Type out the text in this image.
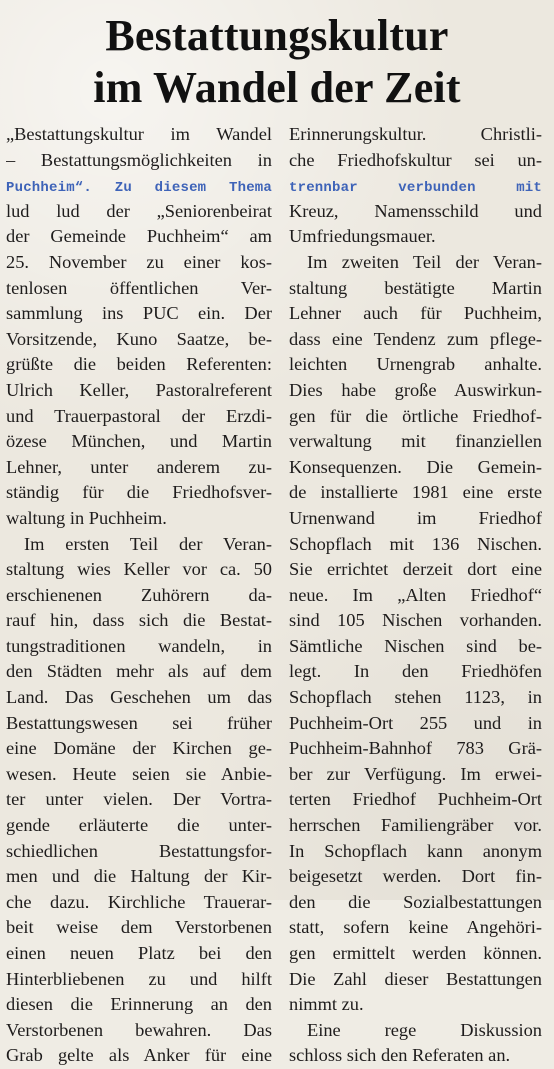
Bestattungskultur
im Wandel der Zeit
„Bestattungskultur im Wandel
– Bestattungsmöglichkeiten in
Puchheim“. Zu diesem Thema
lud lud der „Seniorenbeirat
der Gemeinde Puchheim“ am
25. November zu einer kos-
tenlosen öffentlichen Ver-
sammlung ins PUC ein. Der
Vorsitzende, Kuno Saatze, be-
grüßte die beiden Referenten:
Ulrich Keller, Pastoralreferent
und Trauerpastoral der Erzdi-
özese München, und Martin
Lehner, unter anderem zu-
ständig für die Friedhofsver-
waltung in Puchheim.
Im ersten Teil der Veran-
staltung wies Keller vor ca. 50
erschienenen Zuhörern da-
rauf hin, dass sich die Bestat-
tungstraditionen wandeln, in
den Städten mehr als auf dem
Land. Das Geschehen um das
Bestattungswesen sei früher
eine Domäne der Kirchen ge-
wesen. Heute seien sie Anbie-
ter unter vielen. Der Vortra-
gende erläuterte die unter-
schiedlichen Bestattungsfor-
men und die Haltung der Kir-
che dazu. Kirchliche Trauerar-
beit weise dem Verstorbenen
einen neuen Platz bei den
Hinterbliebenen zu und hilft
diesen die Erinnerung an den
Verstorbenen bewahren. Das
Grab gelte als Anker für eine
Erinnerungskultur. Christli-
che Friedhofskultur sei un-
trennbar verbunden mit
Kreuz, Namensschild und
Umfriedungsmauer.
Im zweiten Teil der Veran-
staltung bestätigte Martin
Lehner auch für Puchheim,
dass eine Tendenz zum pflege-
leichten Urnengrab anhalte.
Dies habe große Auswirkun-
gen für die örtliche Friedhof-
verwaltung mit finanziellen
Konsequenzen. Die Gemein-
de installierte 1981 eine erste
Urnenwand im Friedhof
Schopflach mit 136 Nischen.
Sie errichtet derzeit dort eine
neue. Im „Alten Friedhof“
sind 105 Nischen vorhanden.
Sämtliche Nischen sind be-
legt. In den Friedhöfen
Schopflach stehen 1123, in
Puchheim-Ort 255 und in
Puchheim-Bahnhof 783 Grä-
ber zur Verfügung. Im erwei-
terten Friedhof Puchheim-Ort
herrschen Familiengräber vor.
In Schopflach kann anonym
beigesetzt werden. Dort fin-
den die Sozialbestattungen
statt, sofern keine Angehöri-
gen ermittelt werden können.
Die Zahl dieser Bestattungen
nimmt zu.
Eine rege Diskussion
schloss sich den Referaten an.
